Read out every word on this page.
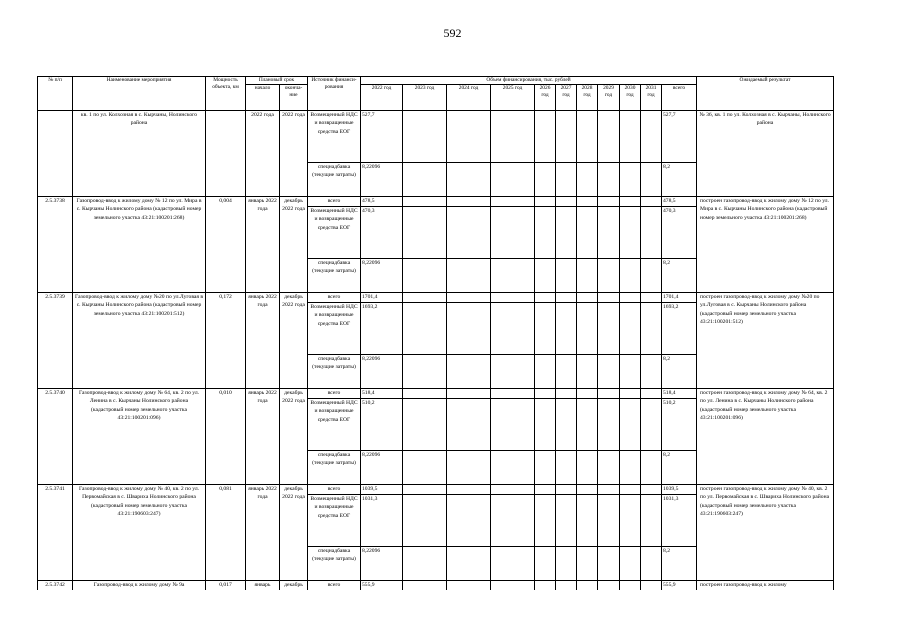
592
№ п/п	Наименование мероприятия	Мощность объекта, км	Плановый срок		Источник финанси-рования	Объем финансирования, тыс. рублей											Ожидаемый результат
			начало	оконча-ние		2022 год	2023 год	2024 год	2025 год	2026 год	2027 год	2028 год	2029 год	2030 год	2031 год	всего	
	кв. 1 по ул. Колхозная в с. Кырчаны, Нолинского района		2022 года	2022 года	Возмещенный НДС и возвращенные средства ЕОГ	527,7										527,7	№ 36, кв. 1 по ул. Колхозная в с. Кырчаны, Нолинского района
					спецнадбавка (текущие затраты)	8,22096										8,2	
2.5.3738	Газопровод-ввод к жилому дому № 12 по ул. Мира в с. Кырчаны Нолинского района (кадастровый номер земельного участка 43:21:100201:268)	0,004	январь 2022 года	декабрь 2022 года	всего	478,5										478,5	построен газопровод-ввод к жилому дому № 12 по ул. Мира в с. Кырчаны Нолинского района (кадастровый номер земельного участка 43:21:100201:268)
					Возмещенный НДС и возвращенные средства ЕОГ	470,3										470,3	
					спецнадбавка (текущие затраты)	8,22096										8,2	
2.5.3739	Газопровод-ввод к жилому дому №20 по ул.Луговая в с. Кырчаны Нолинского района (кадастровый номер земельного участка 43:21:100201:512)	0,172	январь 2022 года	декабрь 2022 года	всего	1701,4										1701,4	построен газопровод-ввод к жилому дому №20 по ул.Луговая в с. Кырчаны Нолинского района (кадастровый номер земельного участка 43:21:100201:512)
					Возмещенный НДС и возвращенные средства ЕОГ	1693,2										1693,2	
					спецнадбавка (текущие затраты)	8,22096										8,2	
2.5.3740	Газопровод-ввод к жилому дому № 64, кв. 2 по ул. Ленина в с. Кырчаны Нолинского района (кадастровый номер земельного участка 43:21:100201:096)	0,010	январь 2022 года	декабрь 2022 года	всего	518,4										518,4	построен газопровод-ввод к жилому дому № 64, кв. 2 по ул. Ленина в с. Кырчаны Нолинского района (кадастровый номер земельного участка 43:21:100201:096)
					Возмещенный НДС и возвращенные средства ЕОГ	510,2										510,2	
					спецнадбавка (текущие затраты)	8,22096										8,2	
2.5.3741	Газопровод-ввод к жилому дому № 40, кв. 2 по ул. Первомайская в с. Шварихa Нолинского района (кадастровый номер земельного участка 43:21:190603:247)	0,081	январь 2022 года	декабрь 2022 года	всего	1039,5										1039,5	построен газопровод-ввод к жилому дому № 40, кв. 2 по ул. Первомайская в с. Швариха Нолинского района (кадастровый номер земельного участка 43:21:190603:247)
					Возмещенный НДС и возвращенные средства ЕОГ	1031,3										1031,3	
					спецнадбавка (текущие затраты)	8,22096										8,2	
2.5.3742	Газопровод-ввод к жилому дому № 9а	0,017	январь	декабрь	всего	555,9										555,9	построен газопровод-ввод к жилому
